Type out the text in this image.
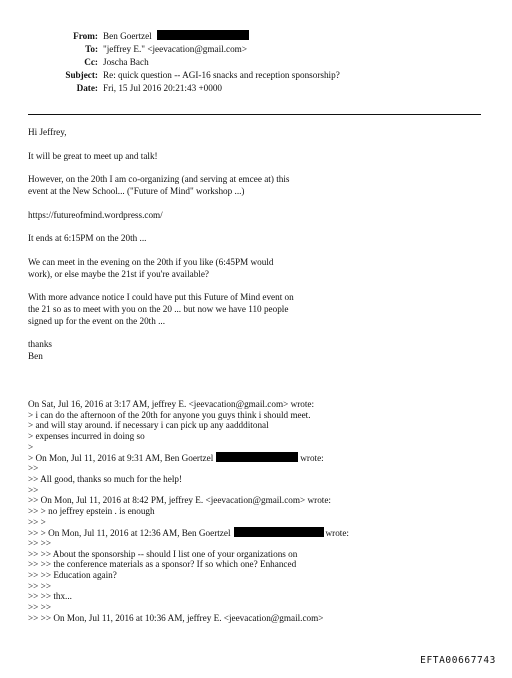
From: Ben Goertzel
To: "jeffrey E." <jeevacation@gmail.com>
Cc: Joscha Bach
Subject: Re: quick question -- AGI-16 snacks and reception sponsorship?
Date: Fri, 15 Jul 2016 20:21:43 +0000

Hi Jeffrey,

It will be great to meet up and talk!

However, on the 20th I am co-organizing (and serving at emcee at) this
event at the New School... ("Future of Mind" workshop ...)

https://futureofmind.wordpress.com/

It ends at 6:15PM on the 20th ...

We can meet in the evening on the 20th if you like (6:45PM would
work), or else maybe the 21st if you're available?

With more advance notice I could have put this Future of Mind event on
the 21 so as to meet with you on the 20 ... but now we have 110 people
signed up for the event on the 20th ...

thanks
Ben

On Sat, Jul 16, 2016 at 3:17 AM, jeffrey E. <jeevacation@gmail.com> wrote:
> i can do the afternoon of the 20th for anyone you guys think i should meet.
> and will stay around. if necessary i can pick up any aaddditonal
> expenses incurred in doing so
>
> On Mon, Jul 11, 2016 at 9:31 AM, Ben Goertzel	wrote:
>>
>> All good, thanks so much for the help!
>>
>> On Mon, Jul 11, 2016 at 8:42 PM, jeffrey E. <jeevacation@gmail.com> wrote:
>> > no jeffrey epstein . is enough
>> >
>> > On Mon, Jul 11, 2016 at 12:36 AM, Ben Goertzel	wrote:
>> >>
>> >> About the sponsorship -- should I list one of your organizations on
>> >> the conference materials as a sponsor? If so which one? Enhanced
>> >> Education again?
>> >>
>> >> thx...
>> >>
>> >> On Mon, Jul 11, 2016 at 10:36 AM, jeffrey E. <jeevacation@gmail.com>
EFTA00667743
